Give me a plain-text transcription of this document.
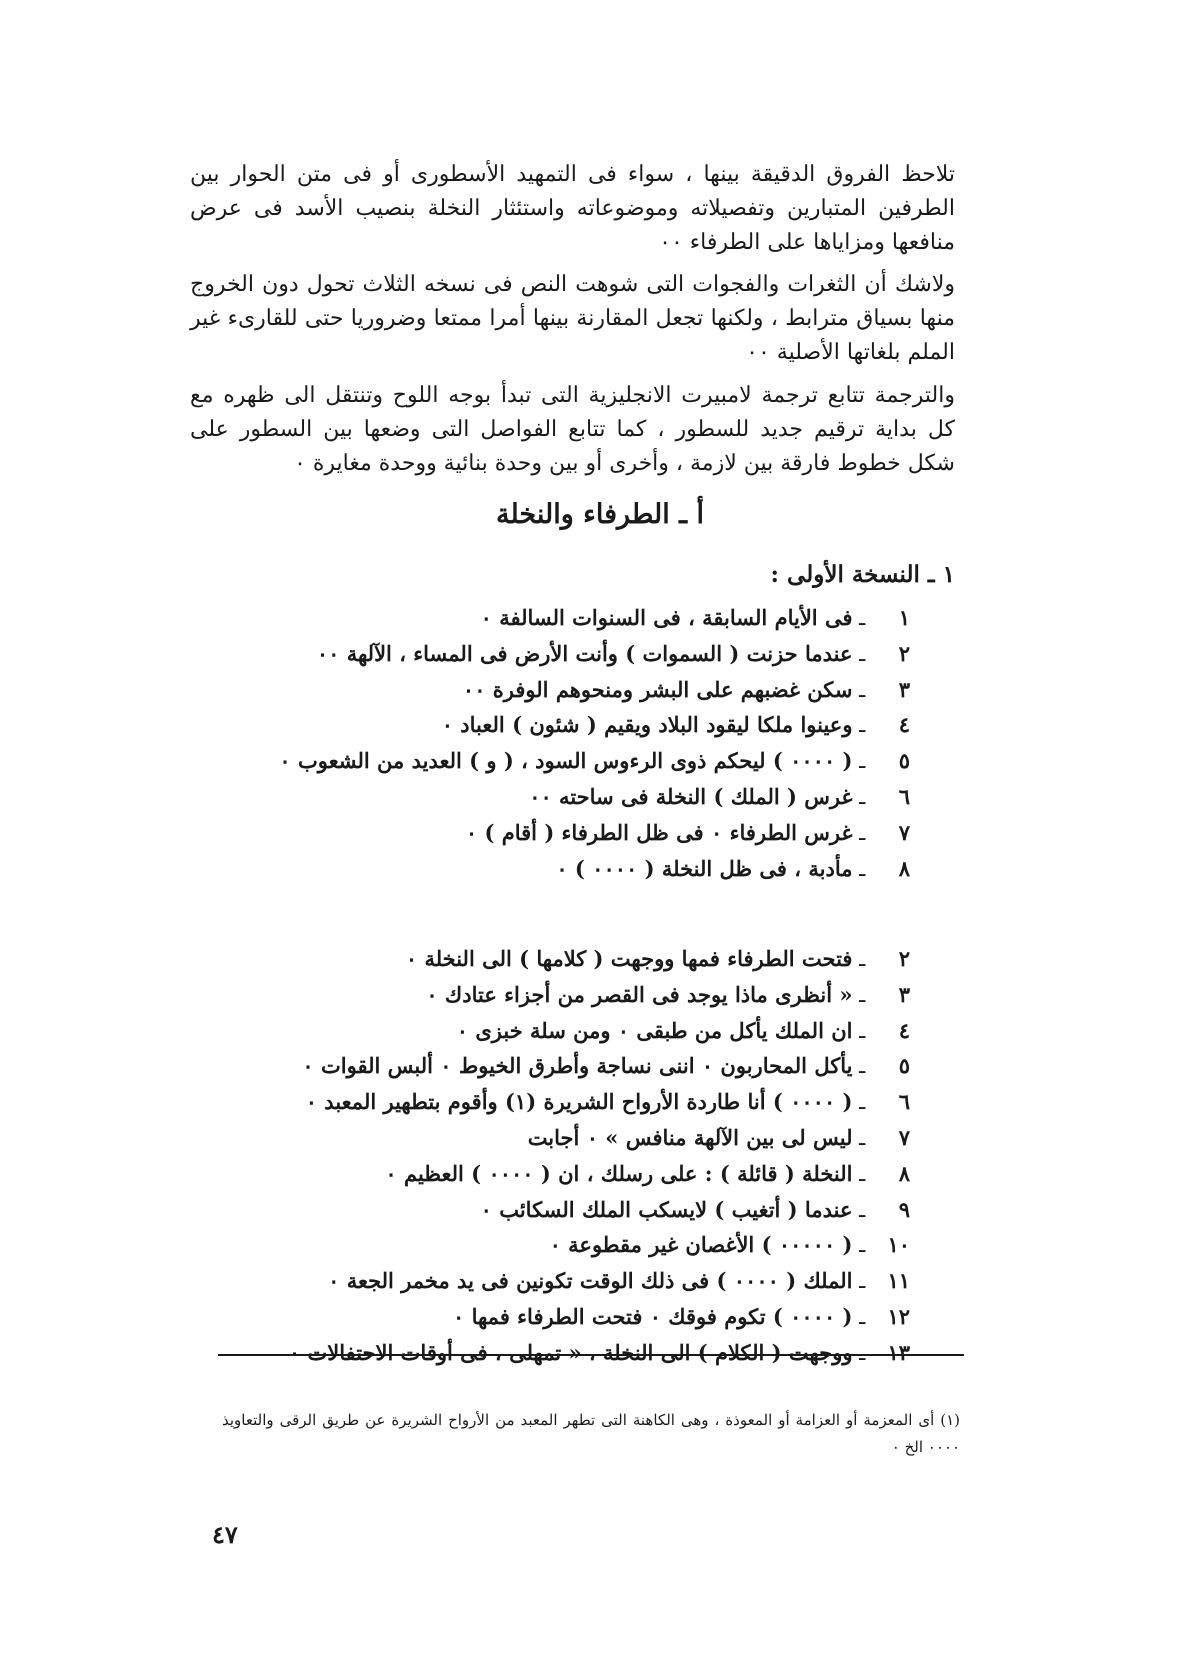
تلاحظ الفروق الدقيقة بينها ، سواء فى التمهيد الأسطورى أو فى متن الحوار بين الطرفين المتبارين وتفصيلاته وموضوعاته واستئثار النخلة بنصيب الأسد فى عرض منافعها ومزاياها على الطرفاء ٠٠

ولاشك أن الثغرات والفجوات التى شوهت النص فى نسخه الثلاث تحول دون الخروج منها بسياق مترابط ، ولكنها تجعل المقارنة بينها أمرا ممتعا وضروريا حتى للقارىء غير الملم بلغاتها الأصلية ٠٠

والترجمة تتابع ترجمة لامبيرت الانجليزية التى تبدأ بوجه اللوح وتنتقل الى ظهره مع كل بداية ترقيم جديد للسطور ، كما تتابع الفواصل التى وضعها بين السطور على شكل خطوط فارقة بين لازمة ، وأخرى أو بين وحدة بنائية ووحدة مغايرة ٠

أ ـ الطرفاء والنخلة
١ ـ النسخة الأولى :
١ ـ فى الأيام السابقة ، فى السنوات السالفة ٠
٢ ـ عندما حزنت ( السموات ) وأنت الأرض فى المساء ، الآلهة ٠٠
٣ ـ سكن غضبهم على البشر ومنحوهم الوفرة ٠٠
٤ ـ وعينوا ملكا ليقود البلاد ويقيم ( شئون ) العباد ٠
٥ ـ ( ٠٠٠٠ ) ليحكم ذوى الرءوس السود ، ( و ) العديد من الشعوب ٠
٦ ـ غرس ( الملك ) النخلة فى ساحته ٠٠
٧ ـ غرس الطرفاء ٠ فى ظل الطرفاء ( أقام ) ٠
٨ ـ مأدبة ، فى ظل النخلة ( ٠٠٠٠ ) ٠
٢ ـ فتحت الطرفاء فمها ووجهت ( كلامها ) الى النخلة ٠
٣ ـ « أنظرى ماذا يوجد فى القصر من أجزاء عتادك ٠
٤ ـ ان الملك يأكل من طبقى ٠ ومن سلة خبزى ٠
٥ ـ يأكل المحاربون ٠ اننى نساجة وأطرق الخيوط ٠ ألبس القوات ٠
٦ ـ ( ٠٠٠٠ ) أنا طاردة الأرواح الشريرة (١) وأقوم بتطهير المعبد ٠
٧ ـ ليس لى بين الآلهة منافس » ٠ أجابت
٨ ـ النخلة ( قائلة ) : على رسلك ، ان ( ٠٠٠٠ ) العظيم ٠
٩ ـ عندما ( أتغيب ) لايسكب الملك السكائب ٠
١٠ ـ ( ٠٠٠٠٠ ) الأغصان غير مقطوعة ٠
١١ ـ الملك ( ٠٠٠٠ ) فى ذلك الوقت تكونين فى يد مخمر الجعة ٠
١٢ ـ ( ٠٠٠٠ ) تكوم فوقك ٠ فتحت الطرفاء فمها ٠
١٣ ـ ووجهت ( الكلام ) الى النخلة ، « تمهلى ، فى أوقات الاحتفالات ٠

(١) أى المعزمة أو العزامة أو المعوذة ، وهى الكاهنة التى تطهر المعبد من الأرواح الشريرة عن طريق الرقى والتعاويذ ٠٠٠٠ الخ ٠

٤٧
